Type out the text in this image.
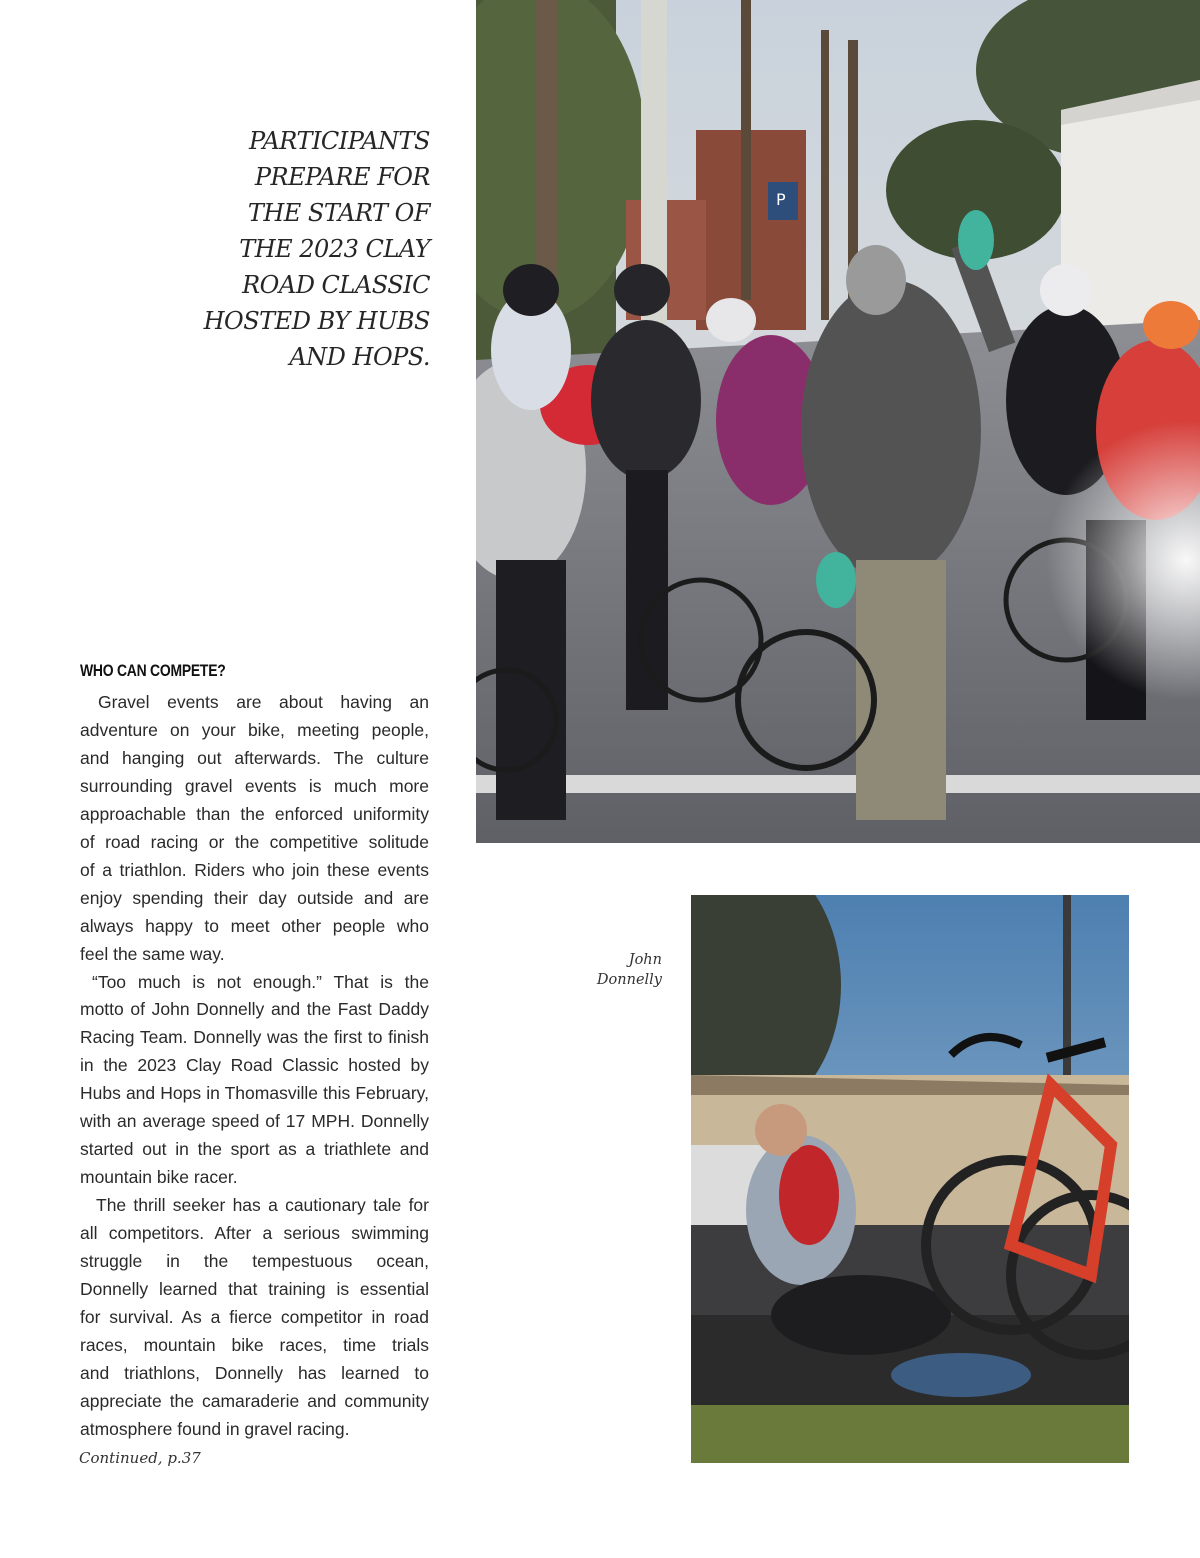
PARTICIPANTS
PREPARE FOR
THE START OF
THE 2023 CLAY
ROAD CLASSIC
HOSTED BY HUBS
AND HOPS.
WHO CAN COMPETE?

Gravel events are about having an
adventure on your bike, meeting people,
and hanging out afterwards. The culture
surrounding gravel events is much more
approachable than the enforced uniformity
of road racing or the competitive solitude
of a triathlon. Riders who join these events
enjoy spending their day outside and are
always happy to meet other people who
feel the same way.

“Too much is not enough.” That is the
motto of John Donnelly and the Fast Daddy
Racing Team. Donnelly was the first to finish
in the 2023 Clay Road Classic hosted by
Hubs and Hops in Thomasville this February,
with an average speed of 17 MPH. Donnelly
started out in the sport as a triathlete and
mountain bike racer.

The thrill seeker has a cautionary tale for
all competitors. After a serious swimming
struggle in the tempestuous ocean,
Donnelly learned that training is essential
for survival. As a fierce competitor in road
races, mountain bike races, time trials
and triathlons, Donnelly has learned to
appreciate the camaraderie and community
atmosphere found in gravel racing.

Continued, p.37
John
Donnelly
P
